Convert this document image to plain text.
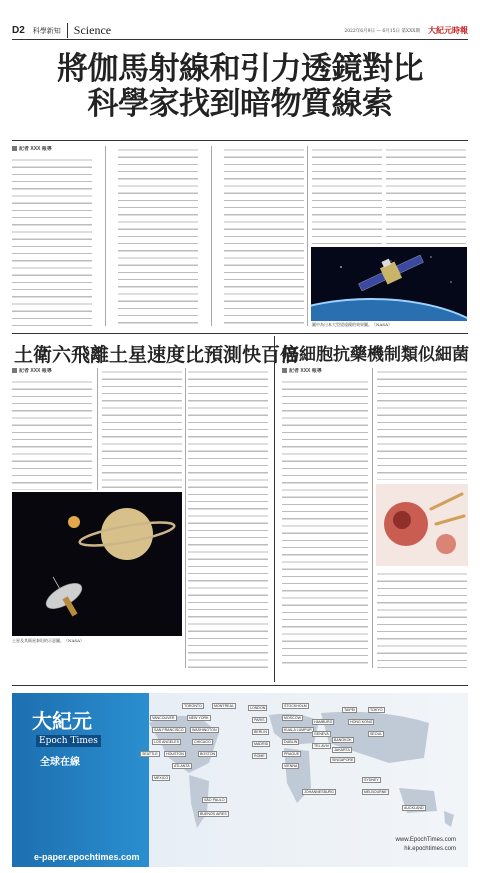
D2 科學新知	Science	2022年6月9日 — 6月15日 第XXX期 大紀元時報
將伽馬射線和引力透鏡對比
科學家找到暗物質線索
記者 XXX 報導
圖中為日本大型望遠鏡的效果圖。（NASA）
土衛六飛離土星速度比預測快百倍
記者 XXX 報導
土星及其衛星泰坦的示意圖。（NASA）
癌細胞抗藥機制類似細菌
記者 XXX 報導
大紀元
Epoch Times
全球在線
e-paper.epochtimes.com
www.EpochTimes.com
hk.epochtimes.com
TORONTO
VANCOUVER	NEW YORK
SAN FRANCISCO
LOS ANGELES
WASHINGTON
HOUSTON
CHICAGO
BOSTON
ATLANTA
MONTREAL
SEATTLE
LONDON
PARIS
BERLIN
MADRID
ROME
STOCKHOLM
MOSCOW
TAIPEI
HONG KONG
TOKYO
SEOUL
SINGAPORE
SYDNEY
MELBOURNE
AUCKLAND
BANGKOK
JAKARTA
KUALA LUMPUR
DUBLIN
PRAGUE
VIENNA
HAMBURG
GENEVA
TEL AVIV
JOHANNESBURG
SÃO PAULO
BUENOS AIRES
MEXICO
